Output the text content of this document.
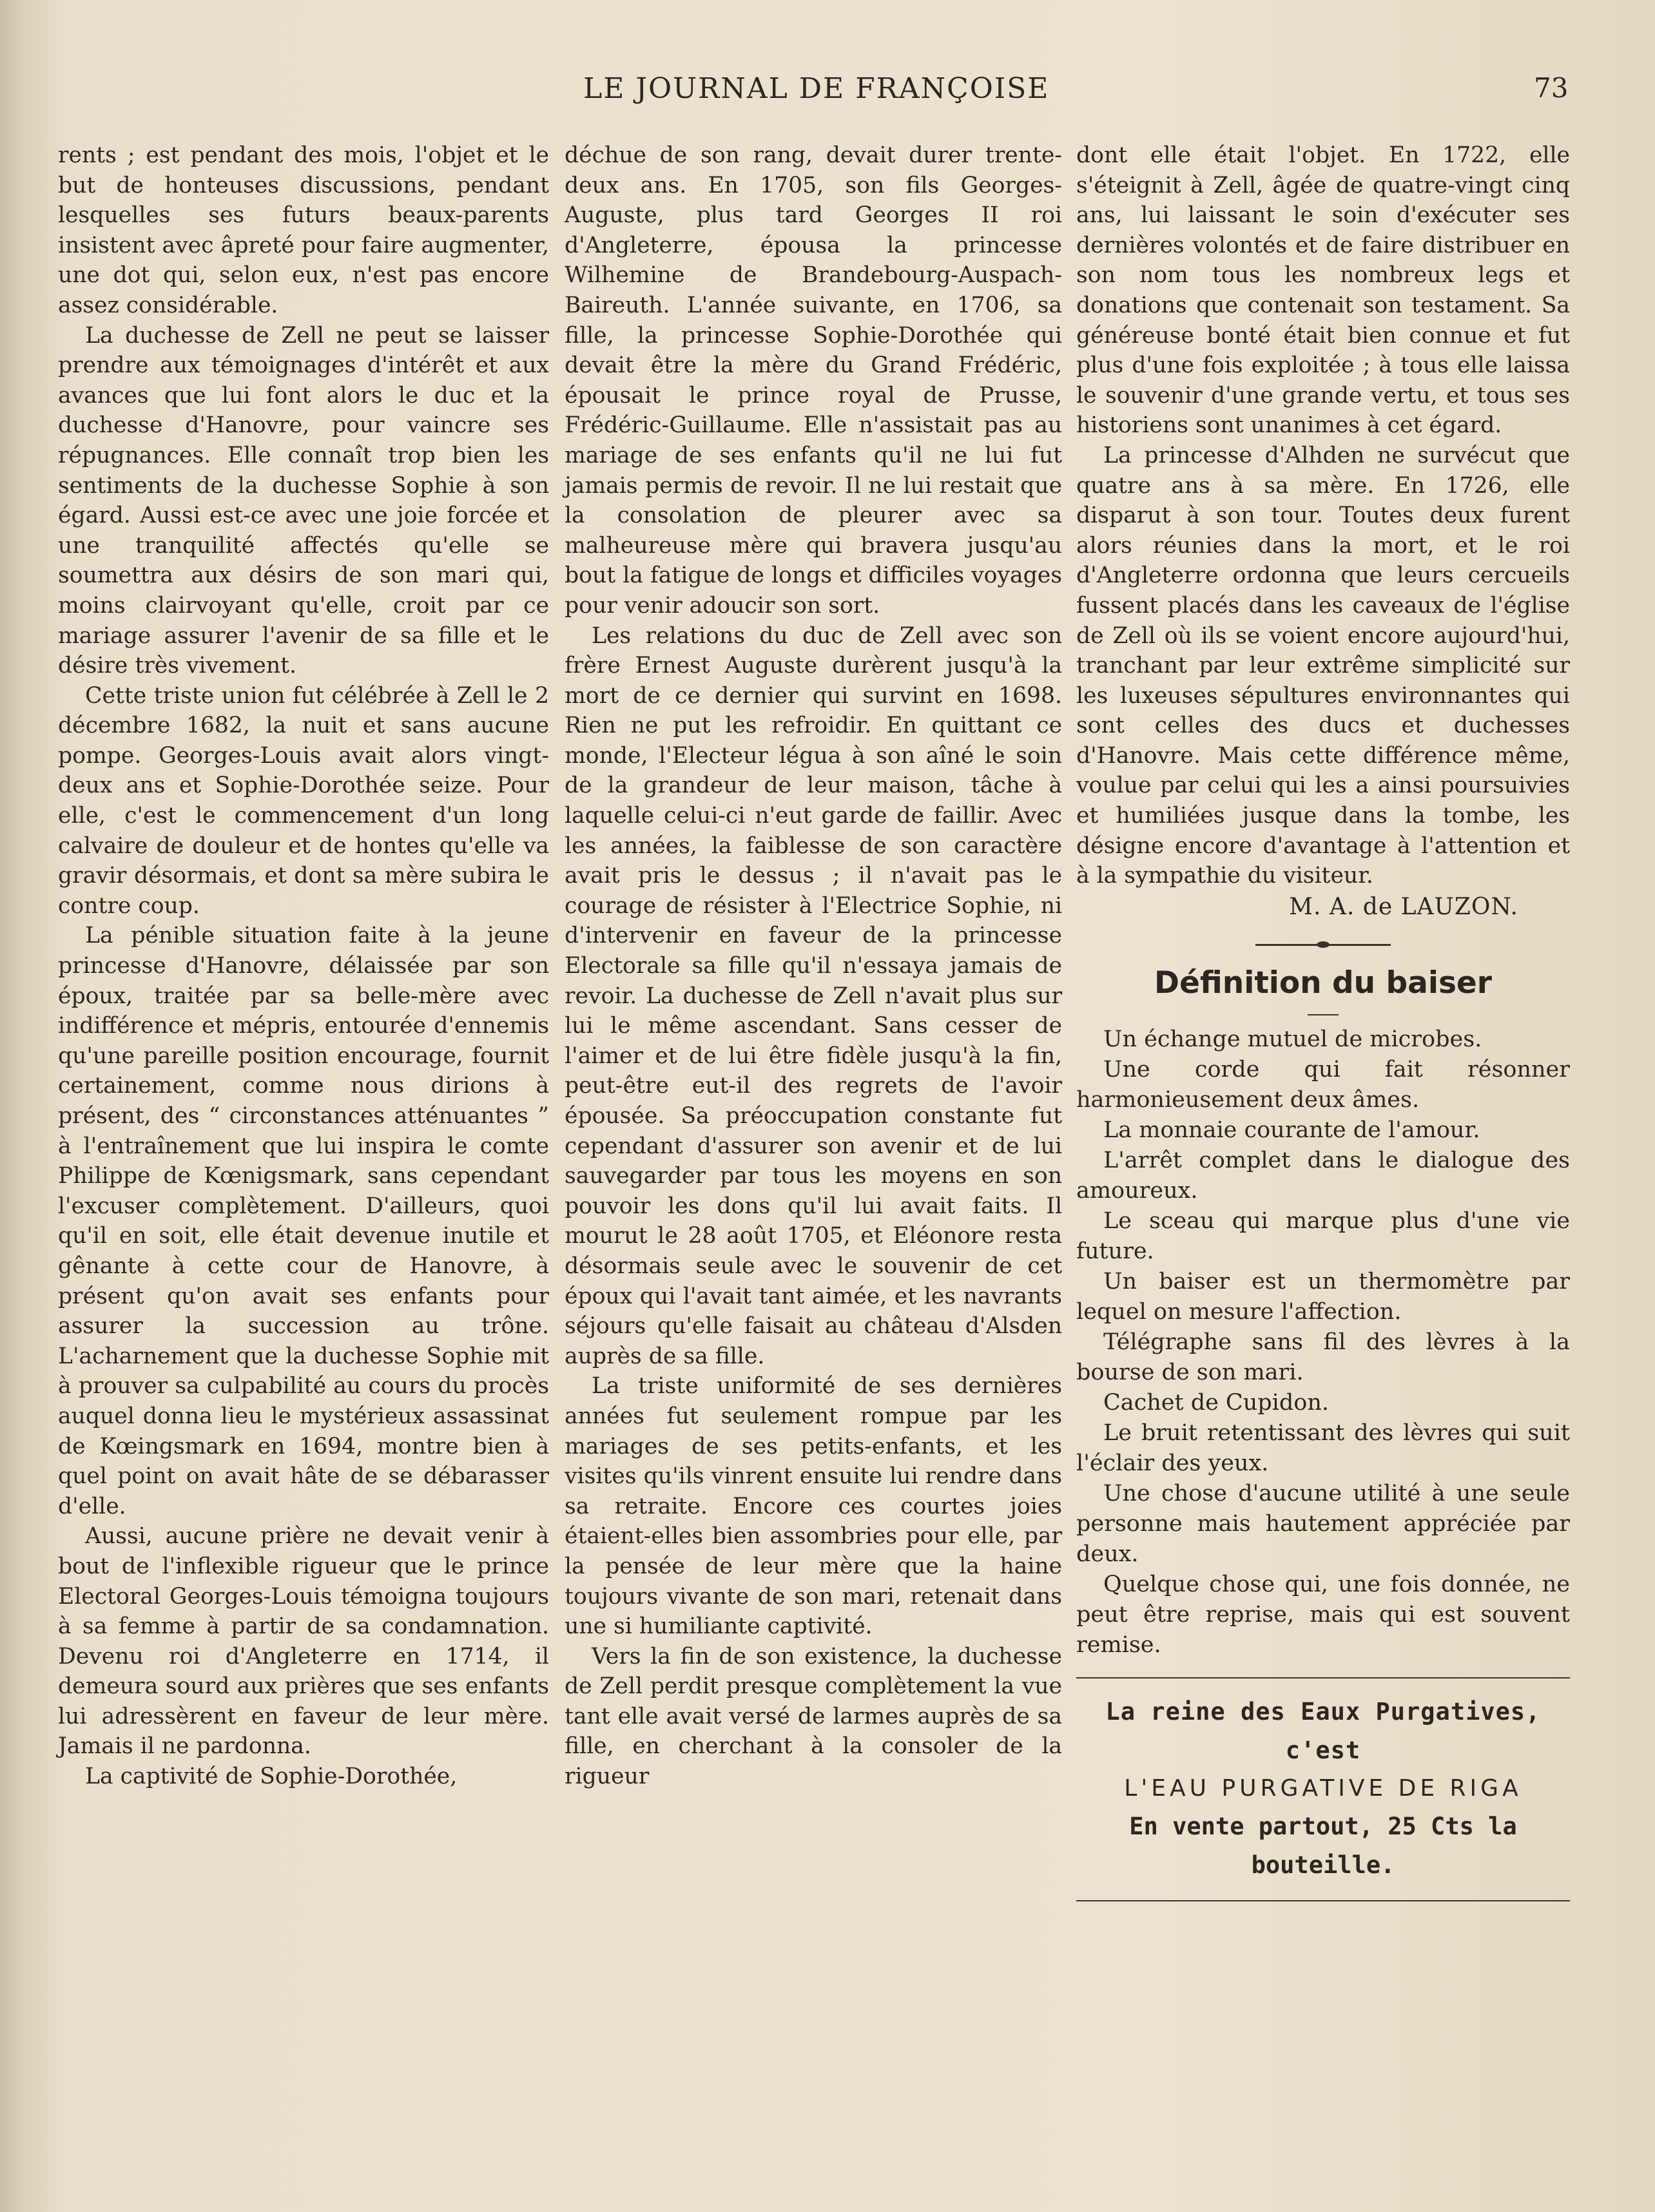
LE JOURNAL DE FRANÇOISE	73

rents ; est pendant des mois, l'objet et le but de honteuses discussions, pendant lesquelles ses futurs beaux-parents insistent avec âpreté pour faire augmenter, une dot qui, selon eux, n'est pas encore assez considérable.

La duchesse de Zell ne peut se laisser prendre aux témoignages d'intérêt et aux avances que lui font alors le duc et la duchesse d'Hanovre, pour vaincre ses répugnances. Elle connaît trop bien les sentiments de la duchesse Sophie à son égard. Aussi est-ce avec une joie forcée et une tranquilité affectés qu'elle se soumettra aux désirs de son mari qui, moins clairvoyant qu'elle, croit par ce mariage assurer l'avenir de sa fille et le désire très vivement.

Cette triste union fut célébrée à Zell le 2 décembre 1682, la nuit et sans aucune pompe. Georges-Louis avait alors vingt-deux ans et Sophie-Dorothée seize. Pour elle, c'est le commencement d'un long calvaire de douleur et de hontes qu'elle va gravir désormais, et dont sa mère subira le contre coup.

La pénible situation faite à la jeune princesse d'Hanovre, délaissée par son époux, traitée par sa belle-mère avec indifférence et mépris, entourée d'ennemis qu'une pareille position encourage, fournit certainement, comme nous dirions à présent, des “ circonstances atténuantes ” à l'entraînement que lui inspira le comte Philippe de Kœnigsmark, sans cependant l'excuser complètement. D'ailleurs, quoi qu'il en soit, elle était devenue inutile et gênante à cette cour de Hanovre, à présent qu'on avait ses enfants pour assurer la succession au trône. L'acharnement que la duchesse Sophie mit à prouver sa culpabilité au cours du procès auquel donna lieu le mystérieux assassinat de Kœingsmark en 1694, montre bien à quel point on avait hâte de se débarasser d'elle.

Aussi, aucune prière ne devait venir à bout de l'inflexible rigueur que le prince Electoral Georges-Louis témoigna toujours à sa femme à partir de sa condamnation. Devenu roi d'Angleterre en 1714, il demeura sourd aux prières que ses enfants lui adressèrent en faveur de leur mère. Jamais il ne pardonna.

La captivité de Sophie-Dorothée,

déchue de son rang, devait durer trente-deux ans. En 1705, son fils Georges-Auguste, plus tard Georges II roi d'Angleterre, épousa la princesse Wilhemine de Brandebourg-Auspach-Baireuth. L'année suivante, en 1706, sa fille, la princesse Sophie-Dorothée qui devait être la mère du Grand Frédéric, épousait le prince royal de Prusse, Frédéric-Guillaume. Elle n'assistait pas au mariage de ses enfants qu'il ne lui fut jamais permis de revoir. Il ne lui restait que la consolation de pleurer avec sa malheureuse mère qui bravera jusqu'au bout la fatigue de longs et difficiles voyages pour venir adoucir son sort.

Les relations du duc de Zell avec son frère Ernest Auguste durèrent jusqu'à la mort de ce dernier qui survint en 1698. Rien ne put les refroidir. En quittant ce monde, l'Electeur légua à son aîné le soin de la grandeur de leur maison, tâche à laquelle celui-ci n'eut garde de faillir. Avec les années, la faiblesse de son caractère avait pris le dessus ; il n'avait pas le courage de résister à l'Electrice Sophie, ni d'intervenir en faveur de la princesse Electorale sa fille qu'il n'essaya jamais de revoir. La duchesse de Zell n'avait plus sur lui le même ascendant. Sans cesser de l'aimer et de lui être fidèle jusqu'à la fin, peut-être eut-il des regrets de l'avoir épousée. Sa préoccupation constante fut cependant d'assurer son avenir et de lui sauvegarder par tous les moyens en son pouvoir les dons qu'il lui avait faits. Il mourut le 28 août 1705, et Eléonore resta désormais seule avec le souvenir de cet époux qui l'avait tant aimée, et les navrants séjours qu'elle faisait au château d'Alsden auprès de sa fille.

La triste uniformité de ses dernières années fut seulement rompue par les mariages de ses petits-enfants, et les visites qu'ils vinrent ensuite lui rendre dans sa retraite. Encore ces courtes joies étaient-elles bien assombries pour elle, par la pensée de leur mère que la haine toujours vivante de son mari, retenait dans une si humiliante captivité.

Vers la fin de son existence, la duchesse de Zell perdit presque complètement la vue tant elle avait versé de larmes auprès de sa fille, en cherchant à la consoler de la rigueur

dont elle était l'objet. En 1722, elle s'éteignit à Zell, âgée de quatre-vingt cinq ans, lui laissant le soin d'exécuter ses dernières volontés et de faire distribuer en son nom tous les nombreux legs et donations que contenait son testament. Sa généreuse bonté était bien connue et fut plus d'une fois exploitée ; à tous elle laissa le souvenir d'une grande vertu, et tous ses historiens sont unanimes à cet égard.

La princesse d'Alhden ne survécut que quatre ans à sa mère. En 1726, elle disparut à son tour. Toutes deux furent alors réunies dans la mort, et le roi d'Angleterre ordonna que leurs cercueils fussent placés dans les caveaux de l'église de Zell où ils se voient encore aujourd'hui, tranchant par leur extrême simplicité sur les luxeuses sépultures environnantes qui sont celles des ducs et duchesses d'Hanovre. Mais cette différence même, voulue par celui qui les a ainsi poursuivies et humiliées jusque dans la tombe, les désigne encore d'avantage à l'attention et à la sympathie du visiteur.

M. A. de LAUZON.
Définition du baiser

Un échange mutuel de microbes.

Une corde qui fait résonner harmonieusement deux âmes.

La monnaie courante de l'amour.

L'arrêt complet dans le dialogue des amoureux.

Le sceau qui marque plus d'une vie future.

Un baiser est un thermomètre par lequel on mesure l'affection.

Télégraphe sans fil des lèvres à la bourse de son mari.

Cachet de Cupidon.

Le bruit retentissant des lèvres qui suit l'éclair des yeux.

Une chose d'aucune utilité à une seule personne mais hautement appréciée par deux.

Quelque chose qui, une fois donnée, ne peut être reprise, mais qui est souvent remise.

La reine des Eaux Purgatives, c'est
L'EAU PURGATIVE DE RIGA
En vente partout, 25 Cts la bouteille.
